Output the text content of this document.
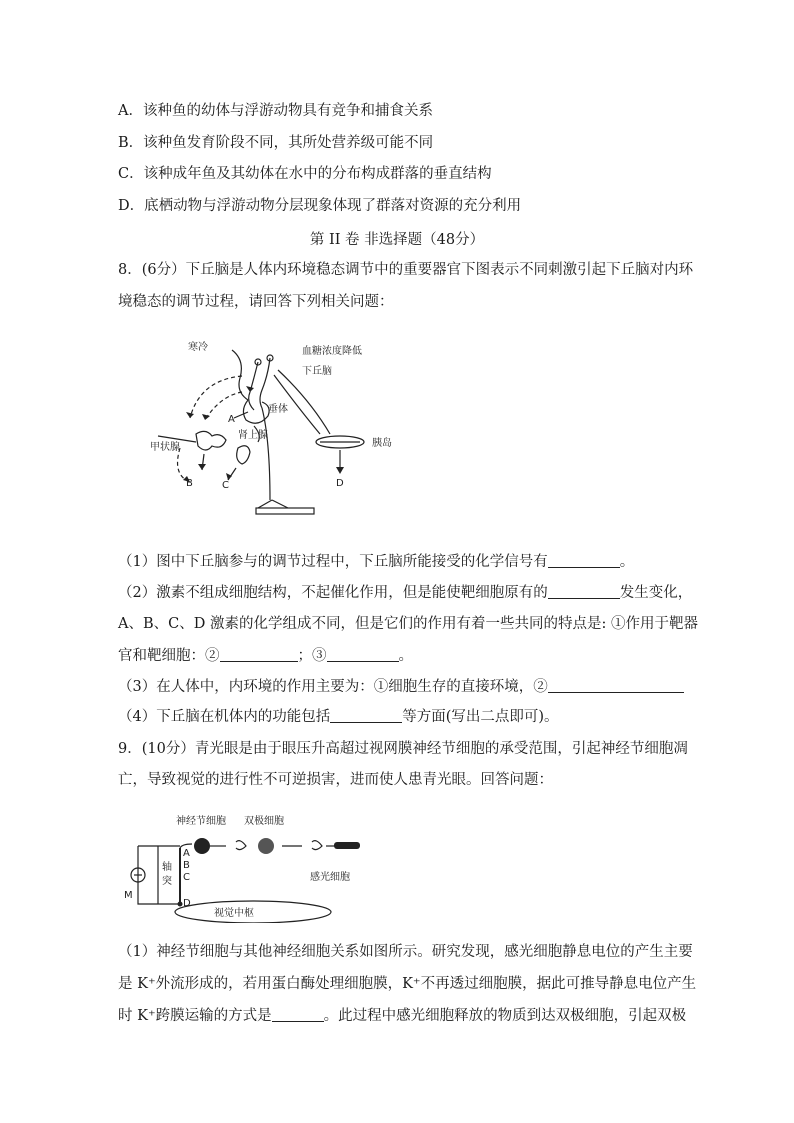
A．该种鱼的幼体与浮游动物具有竞争和捕食关系
B．该种鱼发育阶段不同，其所处营养级可能不同
C．该种成年鱼及其幼体在水中的分布构成群落的垂直结构
D．底栖动物与浮游动物分层现象体现了群落对资源的充分利用
第 II 卷 非选择题（48分）
8．(6分）下丘脑是人体内环境稳态调节中的重要器官下图表示不同刺激引起下丘脑对内环
境稳态的调节过程，请回答下列相关问题：
寒冷	血糖浓度降低
下丘脑
垂体
甲状腺
肾上腺
胰岛
A
B	C	D
（1）图中下丘脑参与的调节过程中，下丘脑所能接受的化学信号有	。
（2）激素不组成细胞结构，不起催化作用，但是能使靶细胞原有的	发生变化，
A、B、C、D 激素的化学组成不同，但是它们的作用有着一些共同的特点是: ①作用于靶器
官和靶细胞：②	；③	。
（3）在人体中，内环境的作用主要为：①细胞生存的直接环境，②
（4）下丘脑在机体内的功能包括	等方面(写出二点即可)。
9．(10分）青光眼是由于眼压升高超过视网膜神经节细胞的承受范围，引起神经节细胞凋
亡，导致视觉的进行性不可逆损害，进而使人患青光眼。回答问题：
神经节细胞 双极细胞
感光细胞
轴
突
视觉中枢
M
A
B
C
D
（1）神经节细胞与其他神经细胞关系如图所示。研究发现，感光细胞静息电位的产生主要
是 K⁺外流形成的，若用蛋白酶处理细胞膜，K⁺不再透过细胞膜，据此可推导静息电位产生
时 K⁺跨膜运输的方式是	。此过程中感光细胞释放的物质到达双极细胞，引起双极
